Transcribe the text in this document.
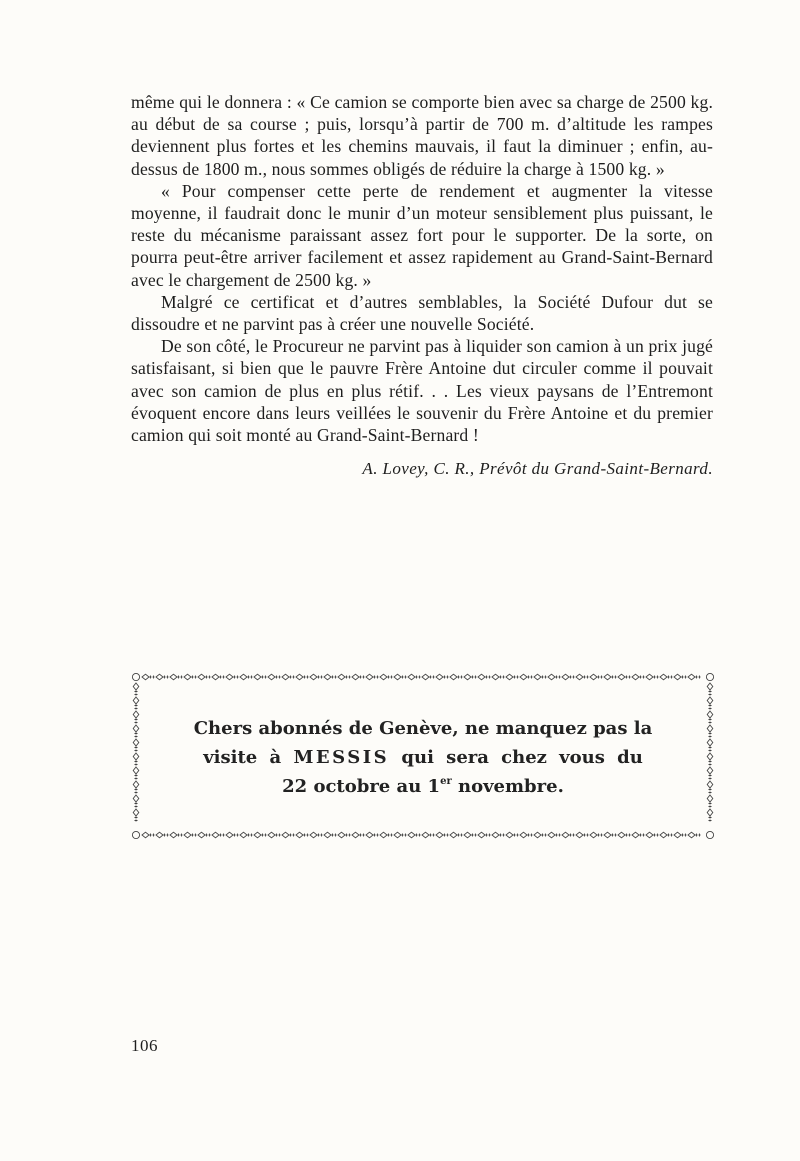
même qui le donnera : « Ce camion se comporte bien avec sa charge de 2500 kg. au début de sa course ; puis, lorsqu’à partir de 700 m. d’altitude les rampes deviennent plus fortes et les chemins mauvais, il faut la diminuer ; enfin, au-dessus de 1800 m., nous sommes obligés de réduire la charge à 1500 kg. »

« Pour compenser cette perte de rendement et augmenter la vitesse moyenne, il faudrait donc le munir d’un moteur sensiblement plus puissant, le reste du mécanisme paraissant assez fort pour le supporter. De la sorte, on pourra peut-être arriver facilement et assez rapidement au Grand-Saint-Bernard avec le chargement de 2500 kg. »

Malgré ce certificat et d’autres semblables, la Société Dufour dut se dissoudre et ne parvint pas à créer une nouvelle Société.

De son côté, le Procureur ne parvint pas à liquider son camion à un prix jugé satisfaisant, si bien que le pauvre Frère Antoine dut circuler comme il pouvait avec son camion de plus en plus rétif. . . Les vieux paysans de l’Entremont évoquent encore dans leurs veillées le souvenir du Frère Antoine et du premier camion qui soit monté au Grand-Saint-Bernard !

A. Lovey, C. R., Prévôt du Grand-Saint-Bernard.
Chers abonnés de Genève, ne manquez pas la
visite à MESSIS qui sera chez vous du
22 octobre au 1er novembre.
106
